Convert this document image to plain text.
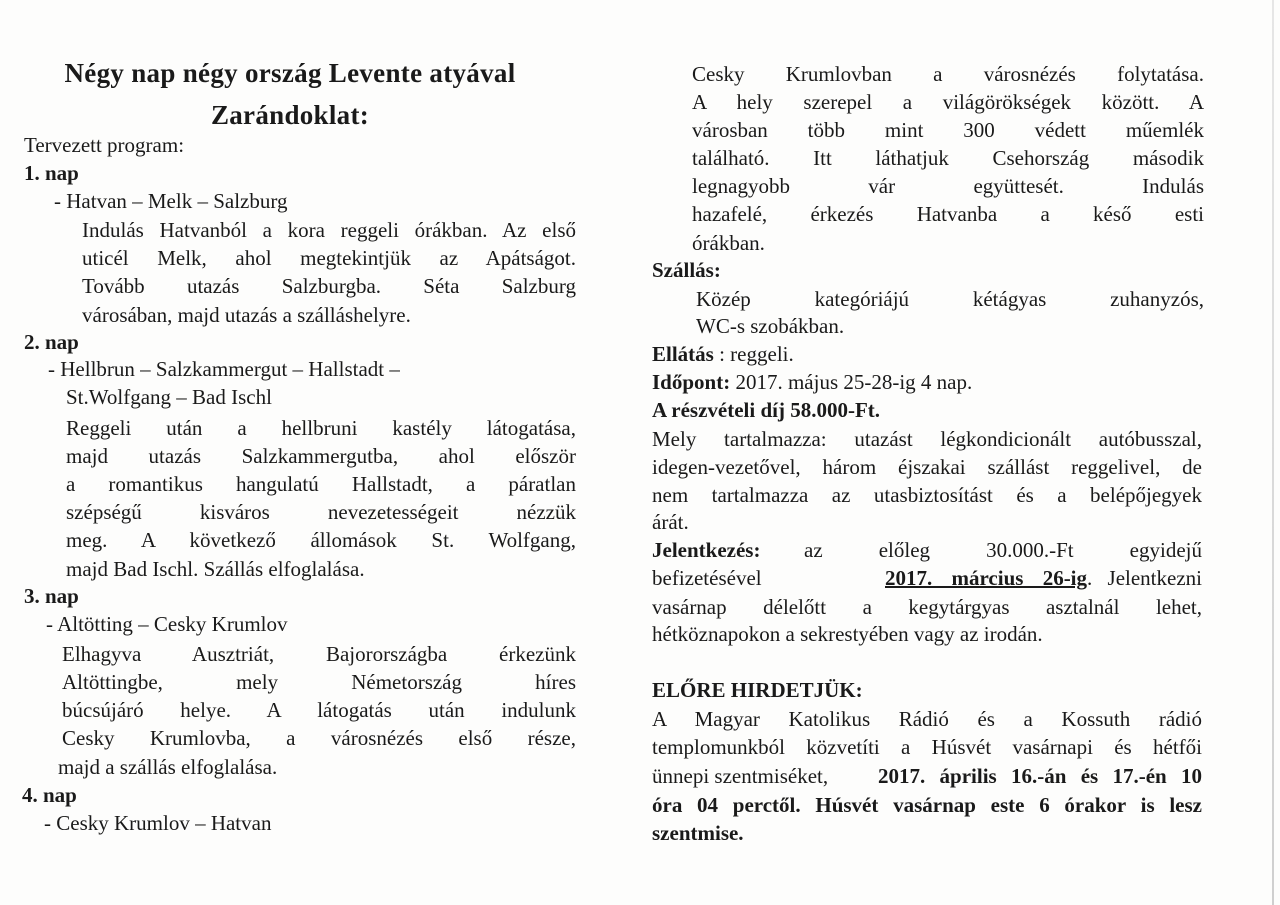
Négy nap négy ország Levente atyával
Zarándoklat:
Tervezett program:
1. nap
- Hatvan – Melk – Salzburg
Indulás Hatvanból a kora reggeli órákban. Az első
uticél Melk, ahol megtekintjük az Apátságot.
Tovább utazás Salzburgba. Séta Salzburg
városában, majd utazás a szálláshelyre.
2. nap
- Hellbrun – Salzkammergut – Hallstadt –
St.Wolfgang – Bad Ischl
Reggeli után a hellbruni kastély látogatása,
majd utazás Salzkammergutba, ahol először
a romantikus hangulatú Hallstadt, a páratlan
szépségű kisváros nevezetességeit nézzük
meg. A következő állomások St. Wolfgang,
majd Bad Ischl. Szállás elfoglalása.
3. nap
- Altötting – Cesky Krumlov
Elhagyva Ausztriát, Bajorországba érkezünk
Altöttingbe, mely Németország híres
búcsújáró helye. A látogatás után indulunk
Cesky Krumlovba, a városnézés első része,
majd a szállás elfoglalása.
4. nap
- Cesky Krumlov – Hatvan
Cesky Krumlovban a városnézés folytatása.
A hely szerepel a világörökségek között. A
városban több mint 300 védett műemlék
található. Itt láthatjuk Csehország második
legnagyobb vár együttesét. Indulás
hazafelé, érkezés Hatvanba a késő esti
órákban.
Szállás:
Közép kategóriájú kétágyas zuhanyzós,
WC-s szobákban.
Ellátás : reggeli.
Időpont: 2017. május 25-28-ig 4 nap.
A részvételi díj 58.000-Ft.
Mely tartalmazza: utazást légkondicionált autóbusszal,
idegen-vezetővel, három éjszakai szállást reggelivel, de
nem tartalmazza az utasbiztosítást és a belépőjegyek
árát.
Jelentkezés: az előleg 30.000.-Ft egyidejű
befizetésével	2017. március 26-ig. Jelentkezni
vasárnap délelőtt a kegytárgyas asztalnál lehet,
hétköznapokon a sekrestyében vagy az irodán.
ELŐRE HIRDETJÜK:
A Magyar Katolikus Rádió és a Kossuth rádió
templomunkból közvetíti a Húsvét vasárnapi és hétfői
ünnepi szentmiséket, 2017. április 16.-án és 17.-én 10
óra 04 perctől. Húsvét vasárnap este 6 órakor is lesz
szentmise.
